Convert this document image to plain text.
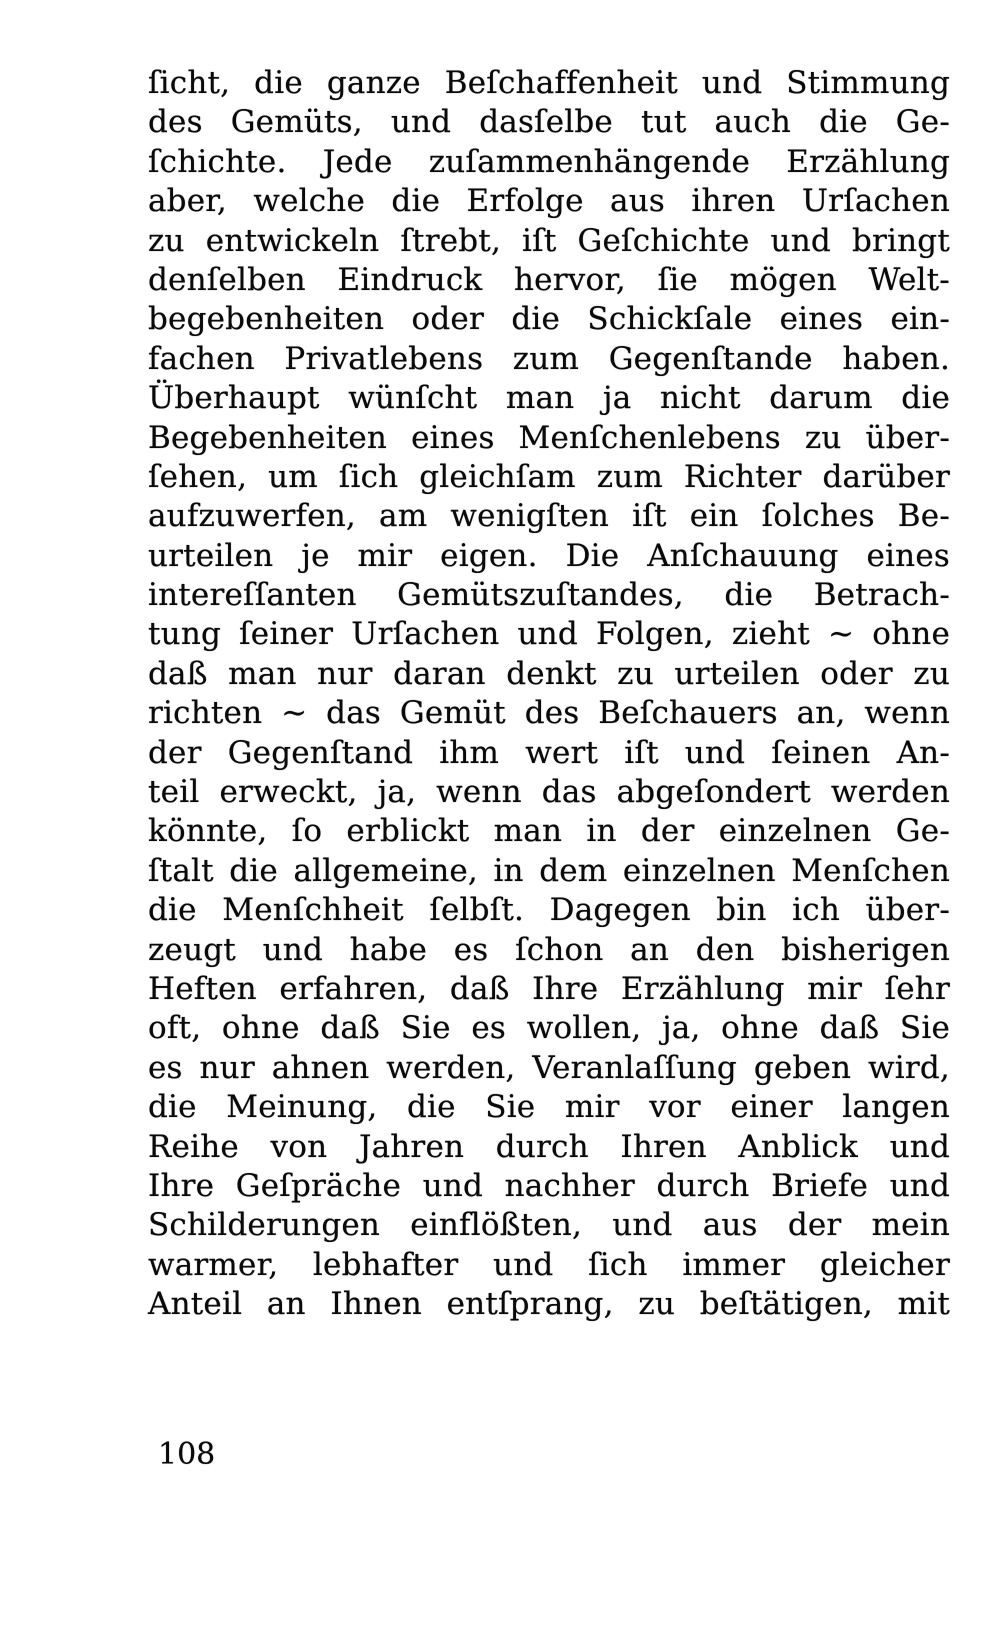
ſicht, die ganze Beſchaffenheit und Stimmung
des Gemüts, und dasſelbe tut auch die Ge-
ſchichte. Jede zuſammenhängende Erzählung
aber, welche die Erfolge aus ihren Urſachen
zu entwickeln ſtrebt, iſt Geſchichte und bringt
denſelben Eindruck hervor, ſie mögen Welt-
begebenheiten oder die Schickſale eines ein-
fachen Privatlebens zum Gegenſtande haben.
Überhaupt wünſcht man ja nicht darum die
Begebenheiten eines Menſchenlebens zu über-
ſehen, um ſich gleichſam zum Richter darüber
aufzuwerfen, am wenigſten iſt ein ſolches Be-
urteilen je mir eigen. Die Anſchauung eines
intereſſanten Gemütszuſtandes, die Betrach-
tung ſeiner Urſachen und Folgen, zieht ~ ohne
daß man nur daran denkt zu urteilen oder zu
richten ~ das Gemüt des Beſchauers an, wenn
der Gegenſtand ihm wert iſt und ſeinen An-
teil erweckt, ja, wenn das abgeſondert werden
könnte, ſo erblickt man in der einzelnen Ge-
ſtalt die allgemeine, in dem einzelnen Menſchen
die Menſchheit ſelbſt. Dagegen bin ich über-
zeugt und habe es ſchon an den bisherigen
Heften erfahren, daß Ihre Erzählung mir ſehr
oft, ohne daß Sie es wollen, ja, ohne daß Sie
es nur ahnen werden, Veranlaſſung geben wird,
die Meinung, die Sie mir vor einer langen
Reihe von Jahren durch Ihren Anblick und
Ihre Geſpräche und nachher durch Briefe und
Schilderungen einflößten, und aus der mein
warmer, lebhafter und ſich immer gleicher
Anteil an Ihnen entſprang, zu beſtätigen, mit
108
